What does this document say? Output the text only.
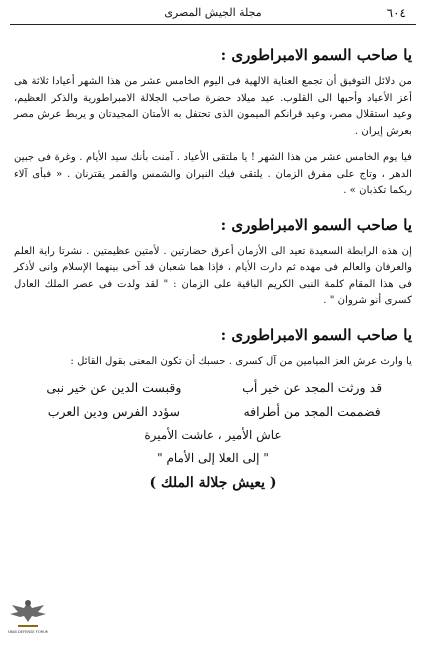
٦٠٤
مجلة الجيش المصرى
يا صاحب السمو الامبراطورى :

من دلائل التوفيق أن تجمع العناية الالهية فى اليوم الخامس عشر من هذا الشهر أعيادا ثلاثة هى أعز الأعياد وأحبها الى القلوب. عيد ميلاد حضرة صاحب الجلالة الامبراطورية والذكر العظيم، وعيد استقلال مصر، وعيد قرانكم الميمون الذى تحتفل به الأمتان المجيدتان و يربط عرش مصر بعرش إيران .

فيا يوم الخامس عشر من هذا الشهر ! يا ملتقى الأعياد . آمنت بأنك سيد الأيام . وغرة فى جبين الدهر ، وتاج على مفرق الزمان . يلتقى فيك النيران والشمس والقمر يقترنان . « فبأى آلاء ربكما تكذبان » .

يا صاحب السمو الامبراطورى :

إن هذه الرابطة السعيدة تعيد الى الأزمان أعرق حضارتين . لأمتين عظيمتين . نشرتا راية العلم والعرفان والعالم فى مهده ثم دارت الأيام ، فإذا هما شعبان قد آخى بينهما الإسلام وانى لأذكر فى هذا المقام كلمة النبى الكريم الباقية على الزمان : " لقد ولدت فى عصر الملك العادل كسرى أنو شروان " .

يا صاحب السمو الامبراطورى :

يا وارث عرش العز الميامين من آل كسرى . حسبك أن تكون المعنى بقول القائل :

قد ورثت المجد عن خير أب
وقبست الدين عن خير نبى
فضممت المجد من أطرافه
سؤدد الفرس ودين العرب
عاش الأمير ، عاشت الأميرة
" إلى العلا إلى الأمام "
( يعيش جلالة الملك )
ARAB DEFENSE FORUM
